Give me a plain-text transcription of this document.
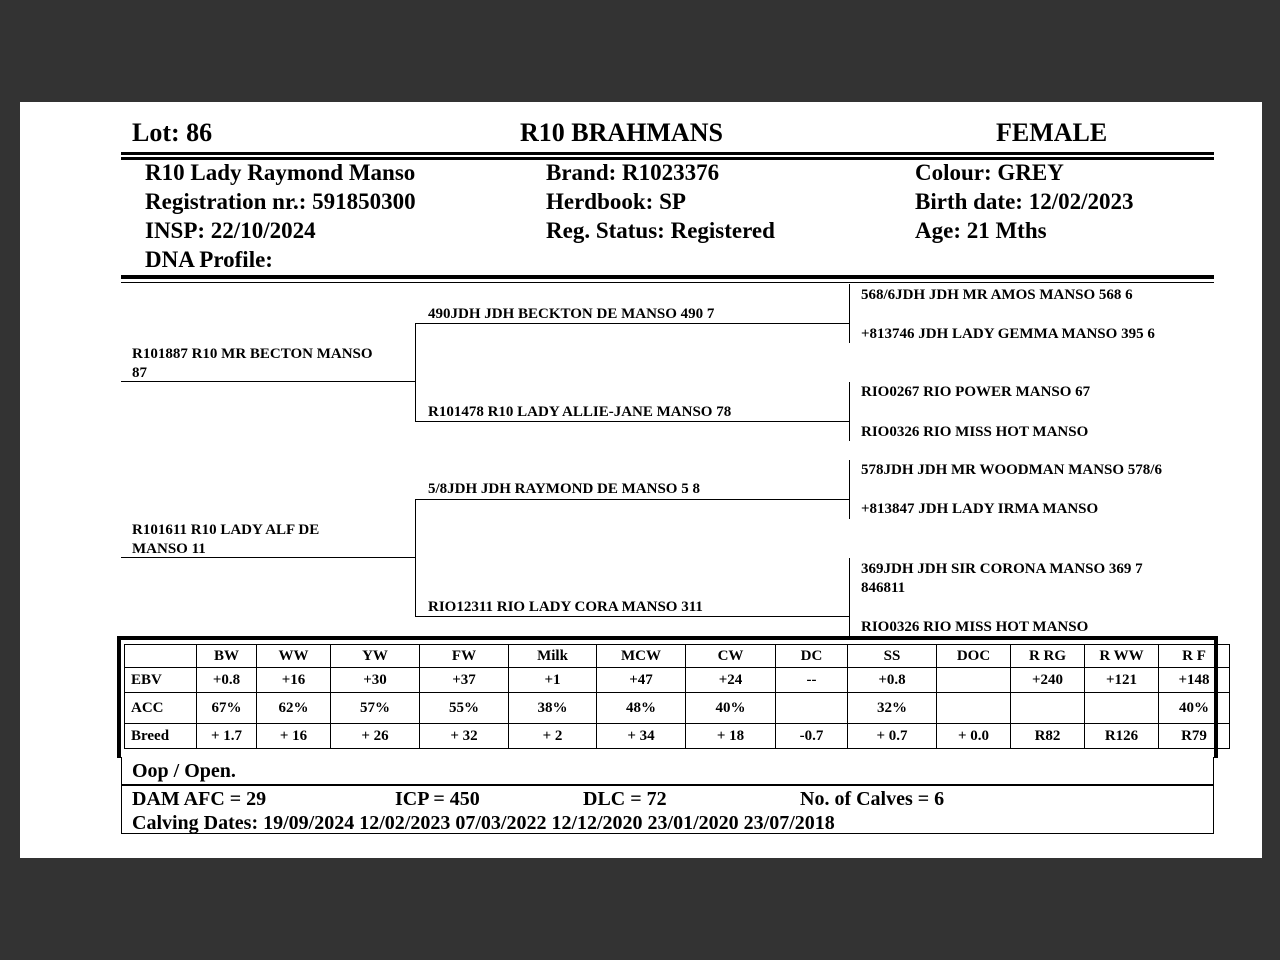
Lot: 86	R10 BRAHMANS	FEMALE
R10 Lady Raymond Manso
Registration nr.: 591850300
INSP: 22/10/2024
DNA Profile:
Brand: R1023376
Herdbook: SP
Reg. Status: Registered
Colour: GREY
Birth date: 12/02/2023
Age: 21 Mths
R101887 R10 MR BECTON MANSO
87
R101611 R10 LADY ALF DE
MANSO 11
490JDH JDH BECKTON DE MANSO 490 7
R101478 R10 LADY ALLIE-JANE MANSO 78
5/8JDH JDH RAYMOND DE MANSO 5 8
RIO12311 RIO LADY CORA MANSO 311
568/6JDH JDH MR AMOS MANSO 568 6
+813746 JDH LADY GEMMA MANSO 395 6
RIO0267 RIO POWER MANSO 67
RIO0326 RIO MISS HOT MANSO
578JDH JDH MR WOODMAN MANSO 578/6
+813847 JDH LADY IRMA MANSO
369JDH JDH SIR CORONA MANSO 369 7
846811
RIO0326 RIO MISS HOT MANSO
	BW	WW	YW	FW	Milk	MCW	CW	DC	SS	DOC	R RG	R WW	R F
EBV	+0.8	+16	+30	+37	+1	+47	+24	--	+0.8		+240	+121	+148
ACC	67%	62%	57%	55%	38%	48%	40%		32%				40%
Breed	+ 1.7	+ 16	+ 26	+ 32	+ 2	+ 34	+ 18	-0.7	+ 0.7	+ 0.0	R82	R126	R79
Oop / Open.
DAM AFC = 29	ICP = 450	DLC = 72	No. of Calves = 6
Calving Dates: 19/09/2024 12/02/2023 07/03/2022 12/12/2020 23/01/2020 23/07/2018
